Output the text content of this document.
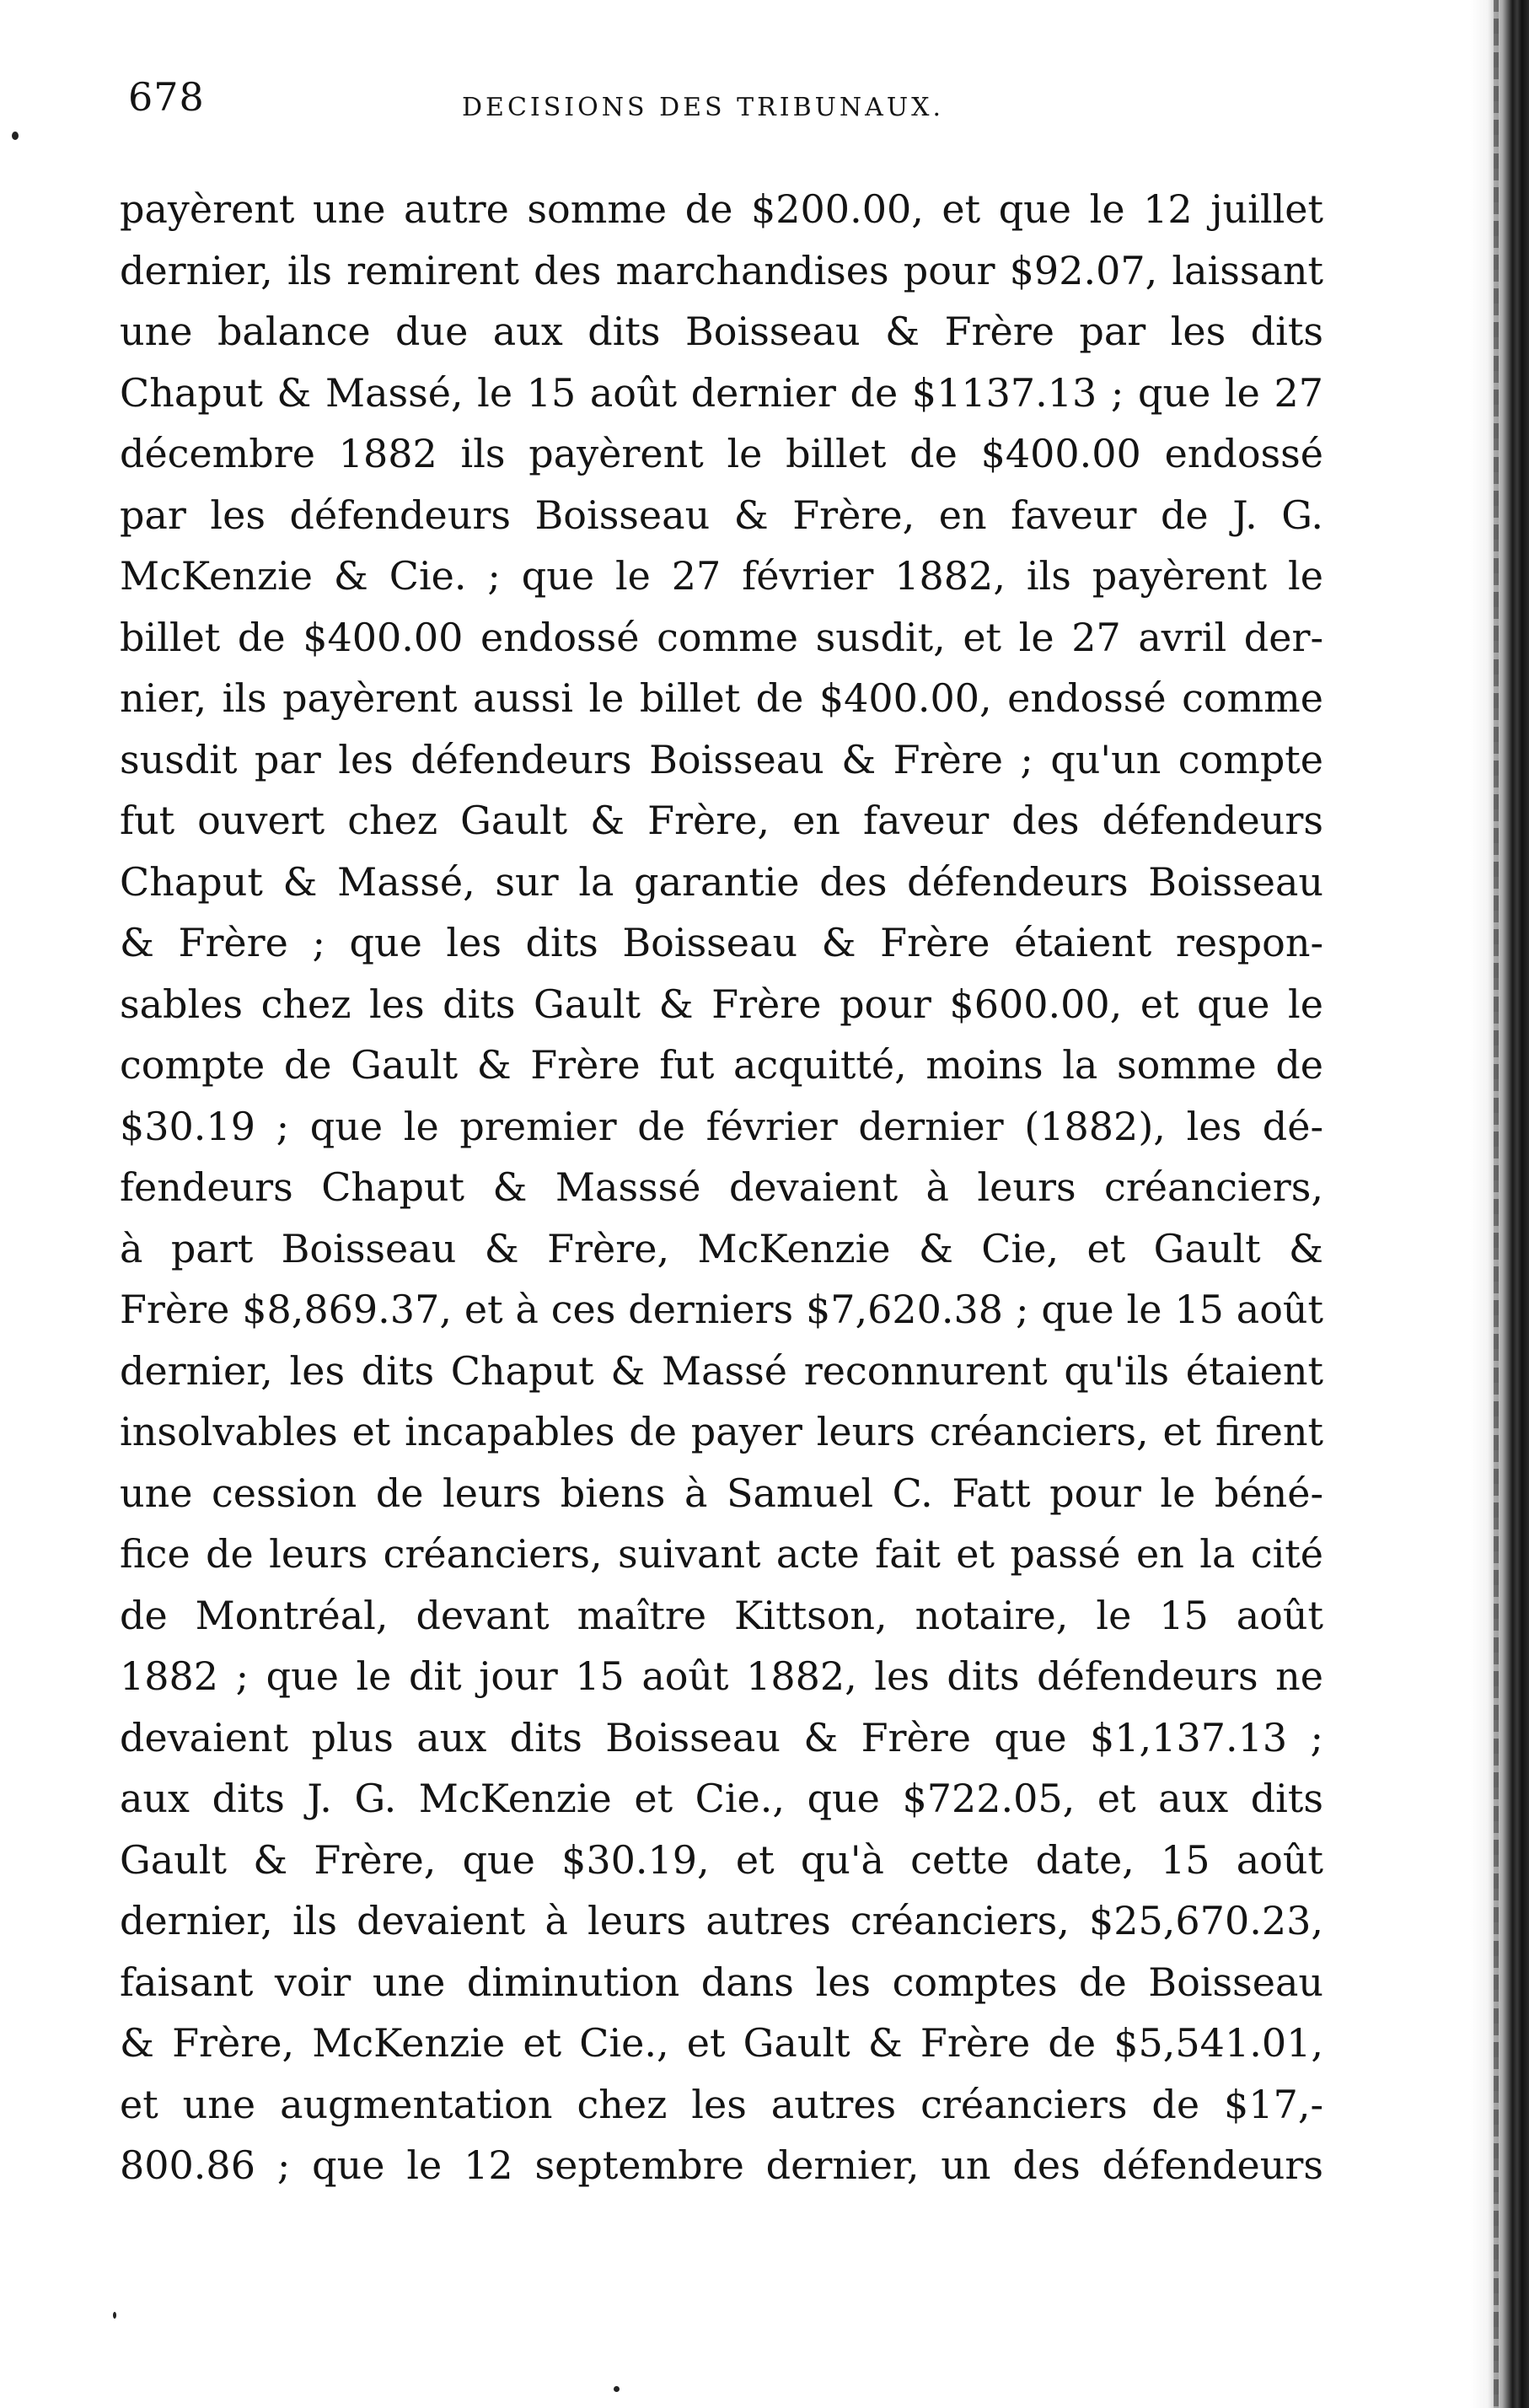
678	DECISIONS DES TRIBUNAUX.
payèrent une autre somme de $200.00, et que le 12 juillet
dernier, ils remirent des marchandises pour $92.07, laissant
une balance due aux dits Boisseau & Frère par les dits
Chaput & Massé, le 15 août dernier de $1137.13 ; que le 27
décembre 1882 ils payèrent le billet de $400.00 endossé
par les défendeurs Boisseau & Frère, en faveur de J. G.
McKenzie & Cie. ; que le 27 février 1882, ils payèrent le
billet de $400.00 endossé comme susdit, et le 27 avril der-
nier, ils payèrent aussi le billet de $400.00, endossé comme
susdit par les défendeurs Boisseau & Frère ; qu'un compte
fut ouvert chez Gault & Frère, en faveur des défendeurs
Chaput & Massé, sur la garantie des défendeurs Boisseau
& Frère ; que les dits Boisseau & Frère étaient respon-
sables chez les dits Gault & Frère pour $600.00, et que le
compte de Gault & Frère fut acquitté, moins la somme de
$30.19 ; que le premier de février dernier (1882), les dé-
fendeurs Chaput & Masssé devaient à leurs créanciers,
à part Boisseau & Frère, McKenzie & Cie, et Gault &
Frère $8,869.37, et à ces derniers $7,620.38 ; que le 15 août
dernier, les dits Chaput & Massé reconnurent qu'ils étaient
insolvables et incapables de payer leurs créanciers, et firent
une cession de leurs biens à Samuel C. Fatt pour le béné-
fice de leurs créanciers, suivant acte fait et passé en la cité
de Montréal, devant maître Kittson, notaire, le 15 août
1882 ; que le dit jour 15 août 1882, les dits défendeurs ne
devaient plus aux dits Boisseau & Frère que $1,137.13 ;
aux dits J. G. McKenzie et Cie., que $722.05, et aux dits
Gault & Frère, que $30.19, et qu'à cette date, 15 août
dernier, ils devaient à leurs autres créanciers, $25,670.23,
faisant voir une diminution dans les comptes de Boisseau
& Frère, McKenzie et Cie., et Gault & Frère de $5,541.01,
et une augmentation chez les autres créanciers de $17,-
800.86 ; que le 12 septembre dernier, un des défendeurs
